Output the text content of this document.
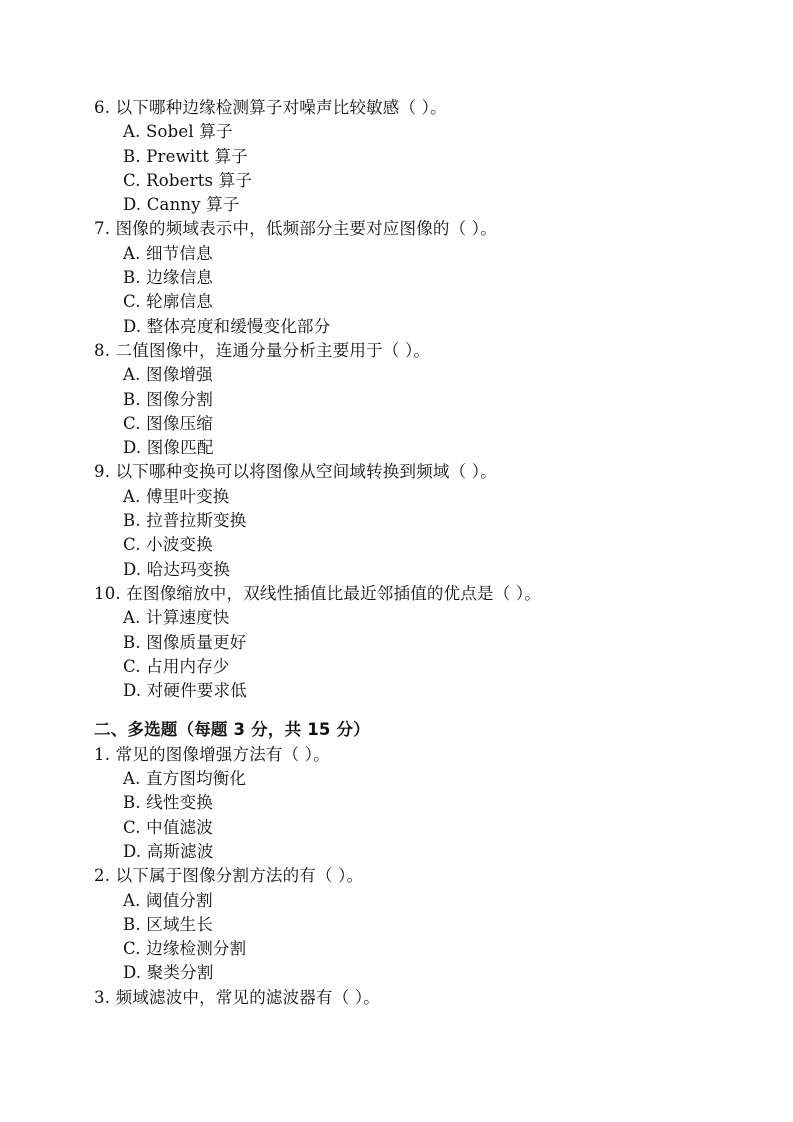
6. 以下哪种边缘检测算子对噪声比较敏感（ ）。
A. Sobel 算子
B. Prewitt 算子
C. Roberts 算子
D. Canny 算子
7. 图像的频域表示中，低频部分主要对应图像的（ ）。
A. 细节信息
B. 边缘信息
C. 轮廓信息
D. 整体亮度和缓慢变化部分
8. 二值图像中，连通分量分析主要用于（ ）。
A. 图像增强
B. 图像分割
C. 图像压缩
D. 图像匹配
9. 以下哪种变换可以将图像从空间域转换到频域（ ）。
A. 傅里叶变换
B. 拉普拉斯变换
C. 小波变换
D. 哈达玛变换
10. 在图像缩放中，双线性插值比最近邻插值的优点是（ ）。
A. 计算速度快
B. 图像质量更好
C. 占用内存少
D. 对硬件要求低
二、多选题（每题 3 分，共 15 分）
1. 常见的图像增强方法有（ ）。
A. 直方图均衡化
B. 线性变换
C. 中值滤波
D. 高斯滤波
2. 以下属于图像分割方法的有（ ）。
A. 阈值分割
B. 区域生长
C. 边缘检测分割
D. 聚类分割
3. 频域滤波中，常见的滤波器有（ ）。
